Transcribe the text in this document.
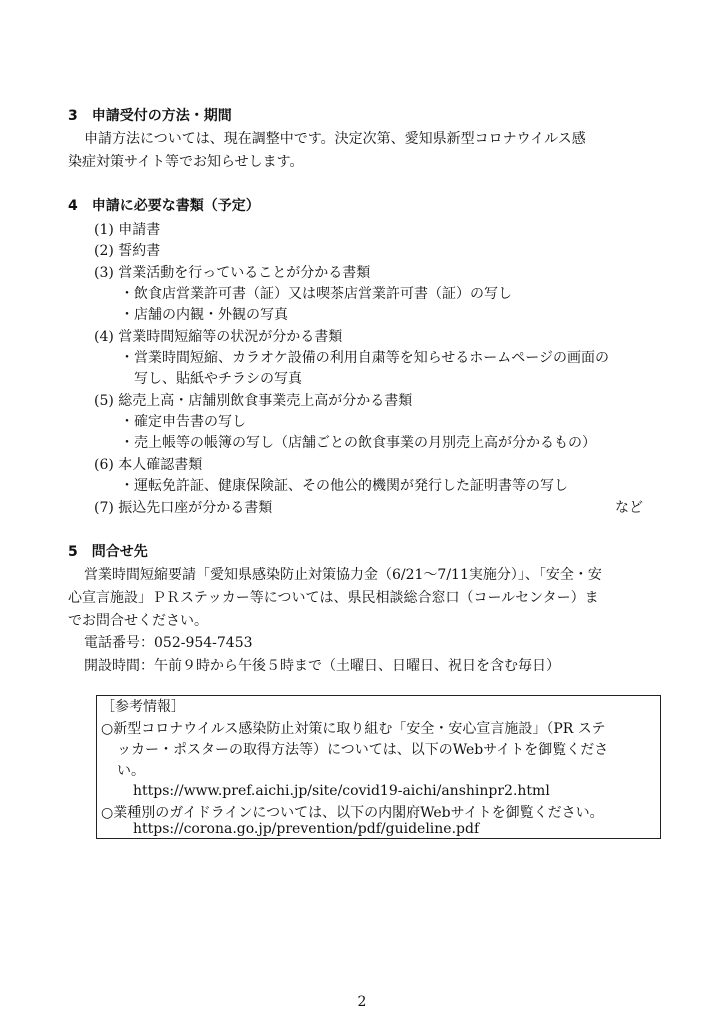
3　申請受付の方法・期間
申請方法については、現在調整中です。決定次第、愛知県新型コロナウイルス感
染症対策サイト等でお知らせします。
4　申請に必要な書類（予定）
(1) 申請書
(2) 誓約書
(3) 営業活動を行っていることが分かる書類
・飲食店営業許可書（証）又は喫茶店営業許可書（証）の写し
・店舗の内観・外観の写真
(4) 営業時間短縮等の状況が分かる書類
・営業時間短縮、カラオケ設備の利用自粛等を知らせるホームページの画面の
写し、貼紙やチラシの写真
(5) 総売上高・店舗別飲食事業売上高が分かる書類
・確定申告書の写し
・売上帳等の帳簿の写し（店舗ごとの飲食事業の月別売上高が分かるもの）
(6) 本人確認書類
・運転免許証、健康保険証、その他公的機関が発行した証明書等の写し
(7) 振込先口座が分かる書類	など
5　問合せ先
営業時間短縮要請「愛知県感染防止対策協力金（6/21～7/11実施分）」、「安全・安
心宣言施設」ＰＲステッカー等については、県民相談総合窓口（コールセンター）ま
でお問合せください。
電話番号：052-954-7453
開設時間：午前９時から午後５時まで（土曜日、日曜日、祝日を含む毎日）
［参考情報］
○新型コロナウイルス感染防止対策に取り組む「安全・安心宣言施設」（PR ステ
ッカー・ポスターの取得方法等）については、以下のWebサイトを御覧くださ
い。
https://www.pref.aichi.jp/site/covid19-aichi/anshinpr2.html
○業種別のガイドラインについては、以下の内閣府Webサイトを御覧ください。
https://corona.go.jp/prevention/pdf/guideline.pdf
2
